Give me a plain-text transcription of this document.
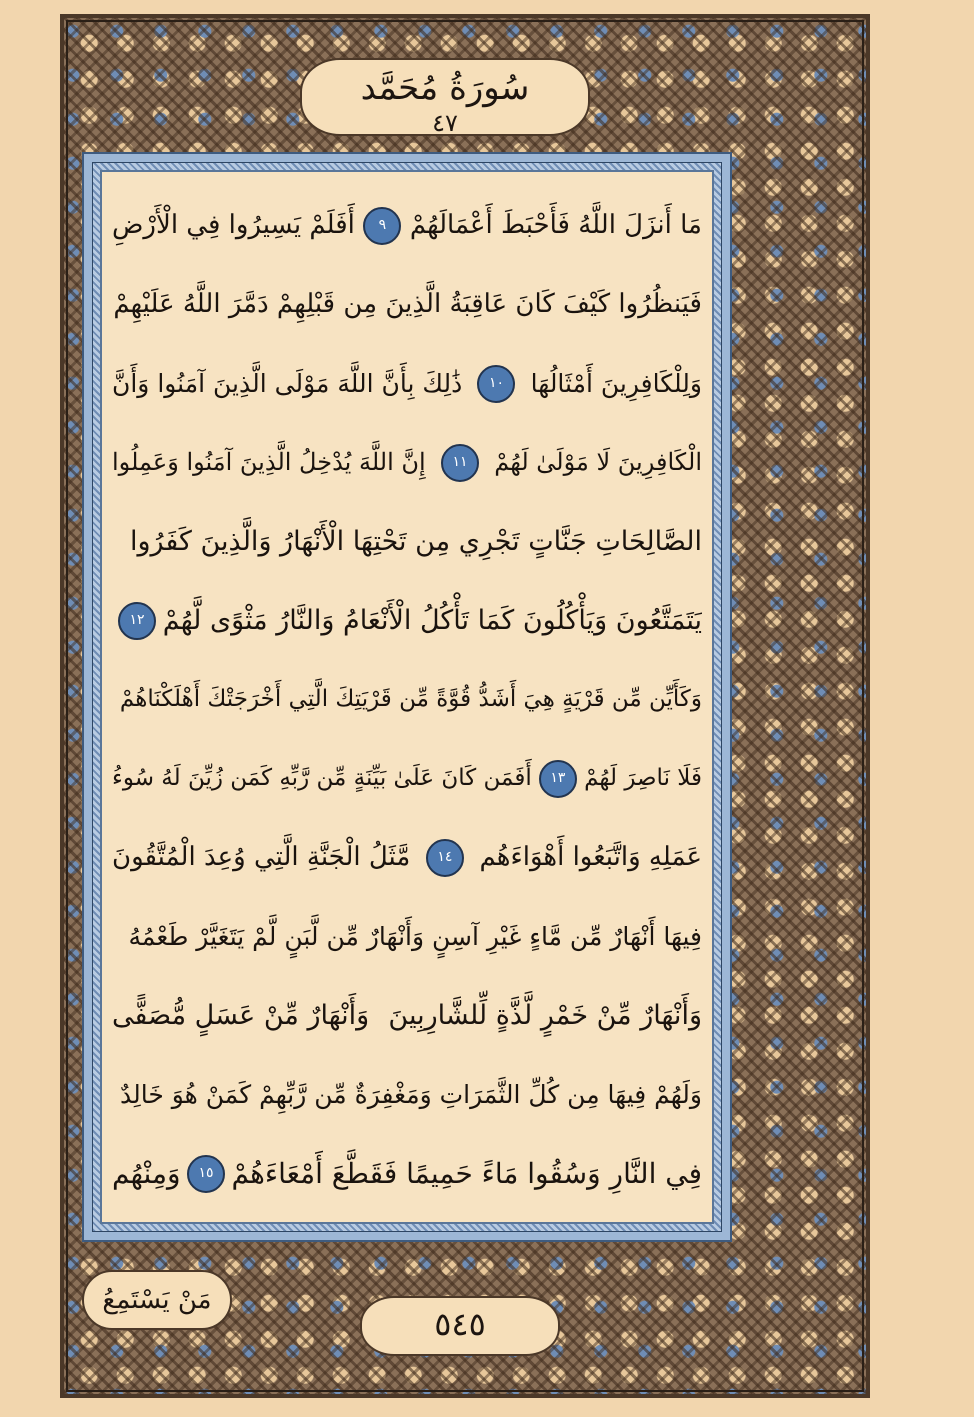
سُورَةُ مُحَمَّد
٤٧
مَا أَنزَلَ اللَّهُ فَأَحْبَطَ أَعْمَالَهُمْ
٩
أَفَلَمْ يَسِيرُوا فِي الْأَرْضِ
فَيَنظُرُوا كَيْفَ كَانَ عَاقِبَةُ الَّذِينَ مِن قَبْلِهِمْ دَمَّرَ اللَّهُ عَلَيْهِمْ
وَلِلْكَافِرِينَ أَمْثَالُهَا
١٠
ذَٰلِكَ بِأَنَّ اللَّهَ مَوْلَى الَّذِينَ آمَنُوا وَأَنَّ
الْكَافِرِينَ لَا مَوْلَىٰ لَهُمْ
١١
إِنَّ اللَّهَ يُدْخِلُ الَّذِينَ آمَنُوا وَعَمِلُوا
الصَّالِحَاتِ جَنَّاتٍ تَجْرِي مِن تَحْتِهَا الْأَنْهَارُ وَالَّذِينَ كَفَرُوا
يَتَمَتَّعُونَ وَيَأْكُلُونَ كَمَا تَأْكُلُ الْأَنْعَامُ وَالنَّارُ مَثْوًى لَّهُمْ
١٢
وَكَأَيِّن مِّن قَرْيَةٍ هِيَ أَشَدُّ قُوَّةً مِّن قَرْيَتِكَ الَّتِي أَخْرَجَتْكَ أَهْلَكْنَاهُمْ
فَلَا نَاصِرَ لَهُمْ
١٣
أَفَمَن كَانَ عَلَىٰ بَيِّنَةٍ مِّن رَّبِّهِ كَمَن زُيِّنَ لَهُ سُوءُ
عَمَلِهِ وَاتَّبَعُوا أَهْوَاءَهُم
١٤
مَّثَلُ الْجَنَّةِ الَّتِي وُعِدَ الْمُتَّقُونَ
فِيهَا أَنْهَارٌ مِّن مَّاءٍ غَيْرِ آسِنٍ وَأَنْهَارٌ مِّن لَّبَنٍ لَّمْ يَتَغَيَّرْ طَعْمُهُ
وَأَنْهَارٌ مِّنْ خَمْرٍ لَّذَّةٍ لِّلشَّارِبِينَ
وَأَنْهَارٌ مِّنْ عَسَلٍ مُّصَفًّى
وَلَهُمْ فِيهَا مِن كُلِّ الثَّمَرَاتِ وَمَغْفِرَةٌ مِّن رَّبِّهِمْ كَمَنْ هُوَ خَالِدٌ
فِي النَّارِ وَسُقُوا مَاءً حَمِيمًا فَقَطَّعَ أَمْعَاءَهُمْ
١٥
وَمِنْهُم
مَنْ يَسْتَمِعُ
٥٤٥
